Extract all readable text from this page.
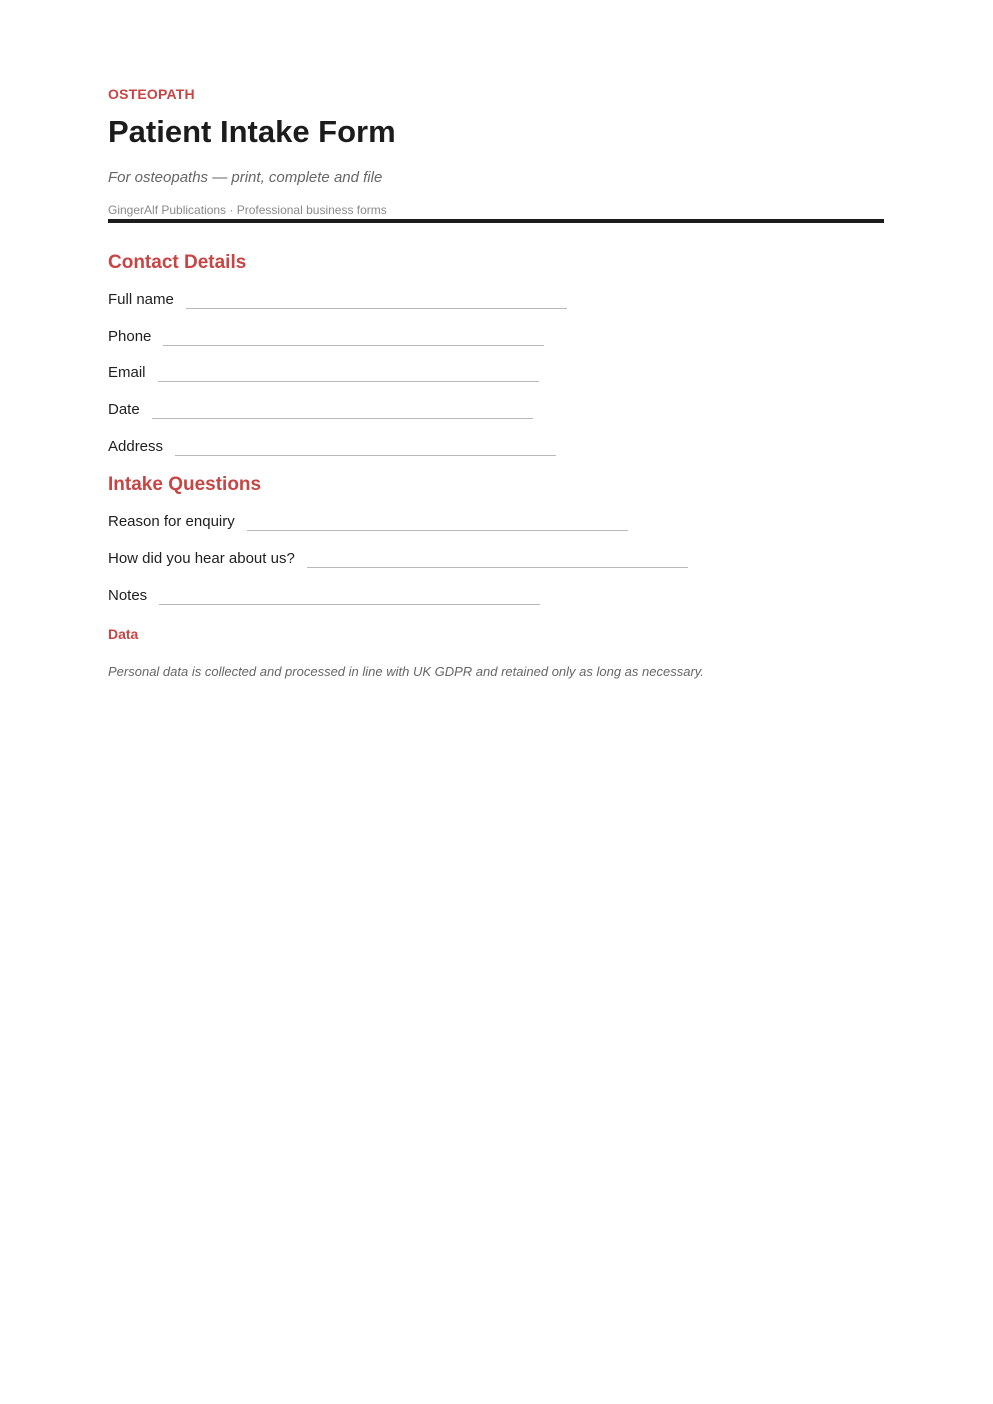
OSTEOPATH
Patient Intake Form
For osteopaths — print, complete and file
GingerAlf Publications · Professional business forms
Contact Details
Full name
Phone
Email
Date
Address
Intake Questions
Reason for enquiry
How did you hear about us?
Notes
Data
Personal data is collected and processed in line with UK GDPR and retained only as long as necessary.
